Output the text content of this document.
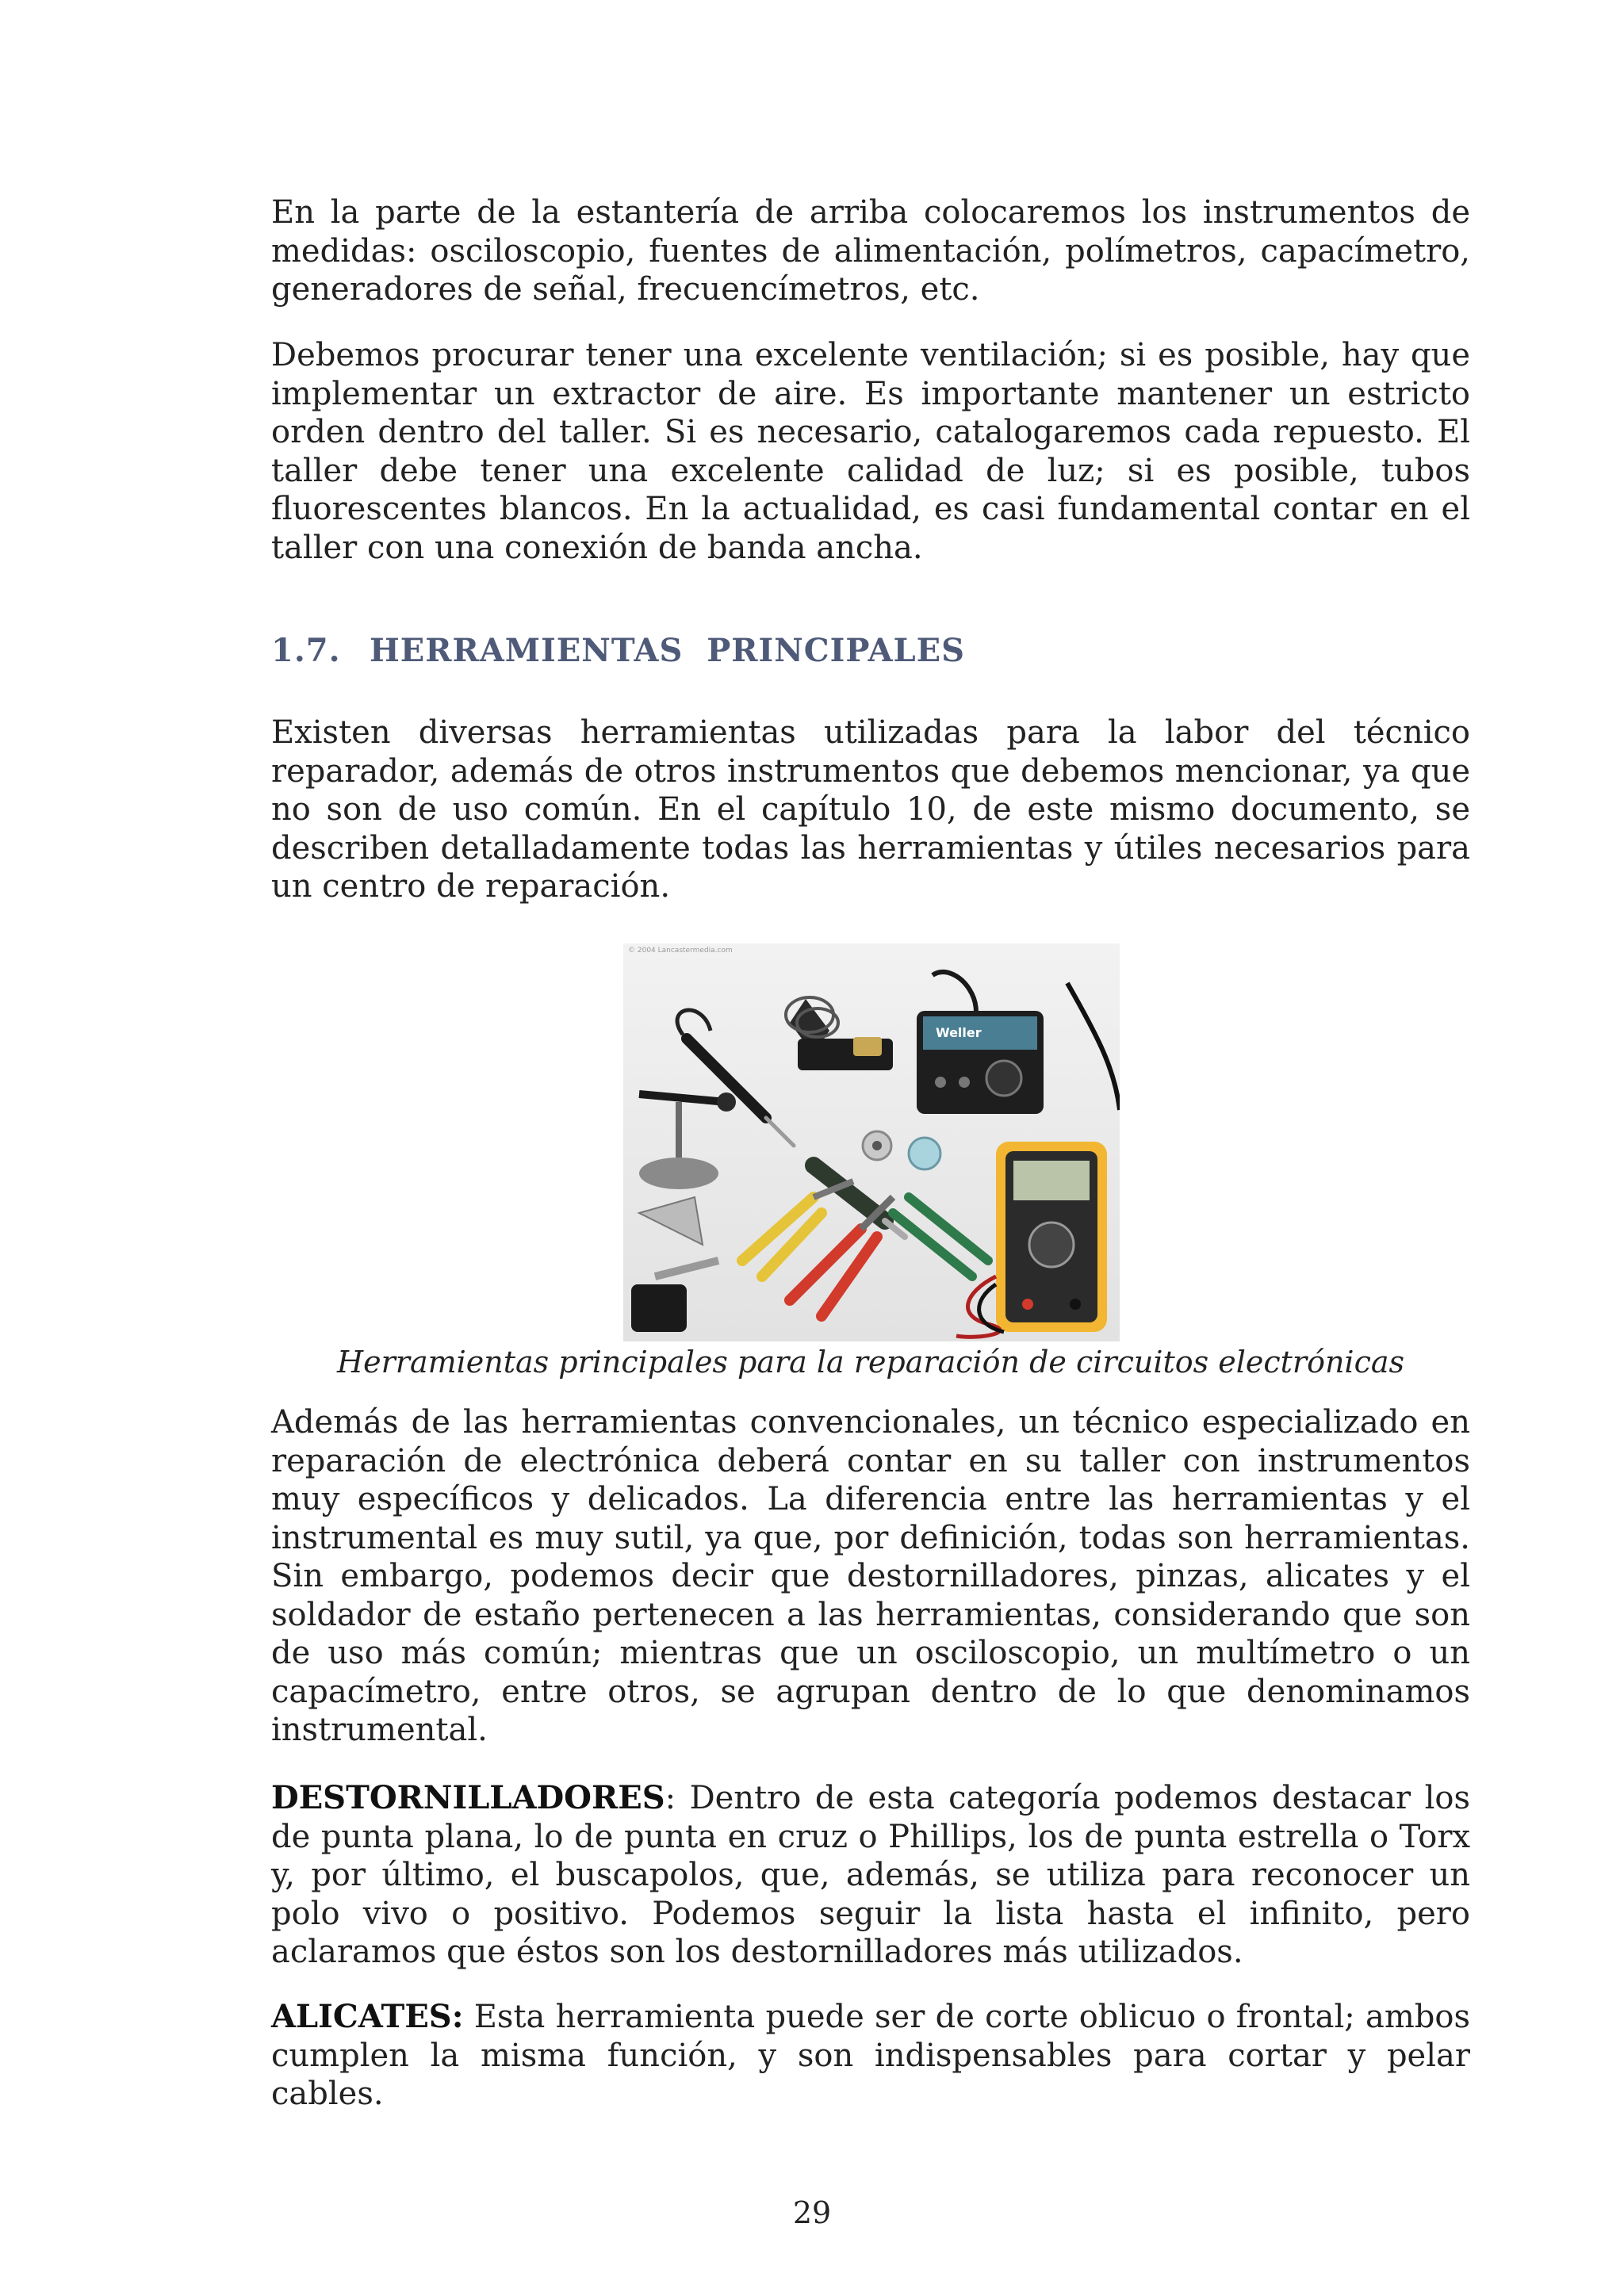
En la parte de la estantería de arriba colocaremos los instrumentos de medidas: osciloscopio, fuentes de alimentación, polímetros, capacímetro, generadores de señal, frecuencímetros, etc.

Debemos procurar tener una excelente ventilación; si es posible, hay que implementar un extractor de aire. Es importante mantener un estricto orden dentro del taller. Si es necesario, catalogaremos cada repuesto. El taller debe tener una excelente calidad de luz; si es posible, tubos fluorescentes blancos. En la actualidad, es casi fundamental contar en el taller con una conexión de banda ancha.

1.7. HERRAMIENTAS  PRINCIPALES

Existen diversas herramientas utilizadas para la labor del técnico reparador, además de otros instrumentos que debemos mencionar, ya que no son de uso común. En el capítulo 10, de este mismo documento, se describen detalladamente todas las herramientas y útiles necesarios para un centro de reparación.

© 2004 Lancastermedia.com
Weller
Herramientas principales para la reparación de circuitos electrónicas

Además de las herramientas convencionales, un técnico especializado en reparación de electrónica deberá contar en su taller con instrumentos muy específicos y delicados. La diferencia entre las herramientas y el instrumental es muy sutil, ya que, por definición, todas son herramientas. Sin embargo, podemos decir que destornilladores, pinzas, alicates y el soldador de estaño pertenecen a las herramientas, considerando que son de uso más común; mientras que un osciloscopio, un multímetro o un capacímetro, entre otros, se agrupan dentro de lo que denominamos instrumental.

DESTORNILLADORES: Dentro de esta categoría podemos destacar los de punta plana, lo de punta en cruz o Phillips, los de punta estrella o Torx y, por último, el buscapolos, que, además, se utiliza para reconocer un polo vivo o positivo. Podemos seguir la lista hasta el infinito, pero aclaramos que éstos son los destornilladores más utilizados.

ALICATES: Esta herramienta puede ser de corte oblicuo o frontal; ambos cumplen la misma función, y son indispensables para cortar y pelar cables.

29
